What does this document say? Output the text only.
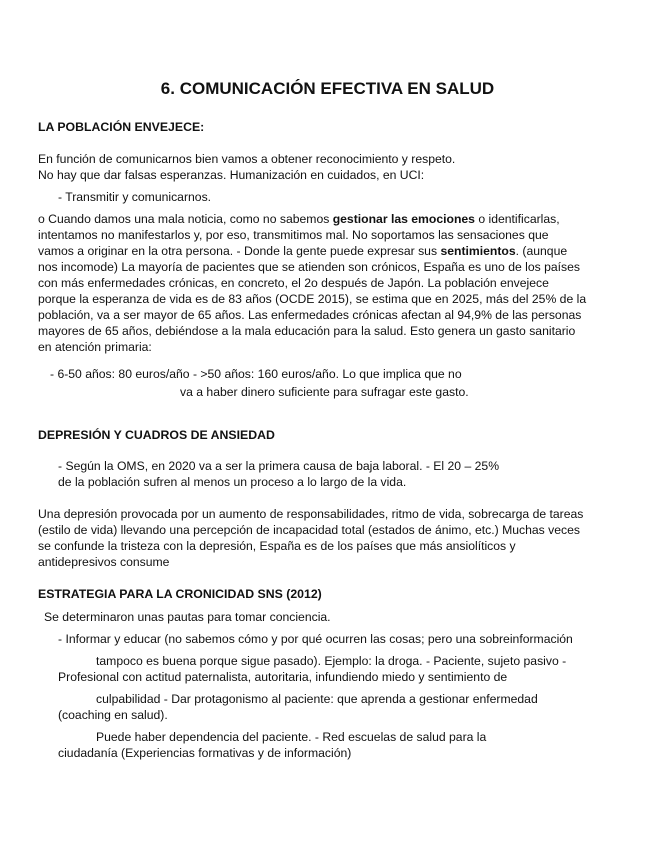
6. COMUNICACIÓN EFECTIVA EN SALUD
LA POBLACIÓN ENVEJECE:
En función de comunicarnos bien vamos a obtener reconocimiento y respeto.
No hay que dar falsas esperanzas. Humanización en cuidados, en UCI:
- Transmitir y comunicarnos.
o Cuando damos una mala noticia, como no sabemos gestionar las emociones o identificarlas,
intentamos no manifestarlos y, por eso, transmitimos mal. No soportamos las sensaciones que
vamos a originar en la otra persona. - Donde la gente puede expresar sus sentimientos. (aunque
nos incomode) La mayoría de pacientes que se atienden son crónicos, España es uno de los países
con más enfermedades crónicas, en concreto, el 2o después de Japón. La población envejece
porque la esperanza de vida es de 83 años (OCDE 2015), se estima que en 2025, más del 25% de la
población, va a ser mayor de 65 años. Las enfermedades crónicas afectan al 94,9% de las personas
mayores de 65 años, debiéndose a la mala educación para la salud. Esto genera un gasto sanitario
en atención primaria:
- 6-50 años: 80 euros/año - >50 años: 160 euros/año. Lo que implica que no
va a haber dinero suficiente para sufragar este gasto.
DEPRESIÓN Y CUADROS DE ANSIEDAD
- Según la OMS, en 2020 va a ser la primera causa de baja laboral. - El 20 – 25%
de la población sufren al menos un proceso a lo largo de la vida.
Una depresión provocada por un aumento de responsabilidades, ritmo de vida, sobrecarga de tareas
(estilo de vida) llevando una percepción de incapacidad total (estados de ánimo, etc.) Muchas veces
se confunde la tristeza con la depresión, España es de los países que más ansiolíticos y
antidepresivos consume
ESTRATEGIA PARA LA CRONICIDAD SNS (2012)
Se determinaron unas pautas para tomar conciencia.
- Informar y educar (no sabemos cómo y por qué ocurren las cosas; pero una sobreinformación
tampoco es buena porque sigue pasado). Ejemplo: la droga. - Paciente, sujeto pasivo -
Profesional con actitud paternalista, autoritaria, infundiendo miedo y sentimiento de
culpabilidad - Dar protagonismo al paciente: que aprenda a gestionar enfermedad
(coaching en salud).
Puede haber dependencia del paciente. - Red escuelas de salud para la
ciudadanía (Experiencias formativas y de información)
